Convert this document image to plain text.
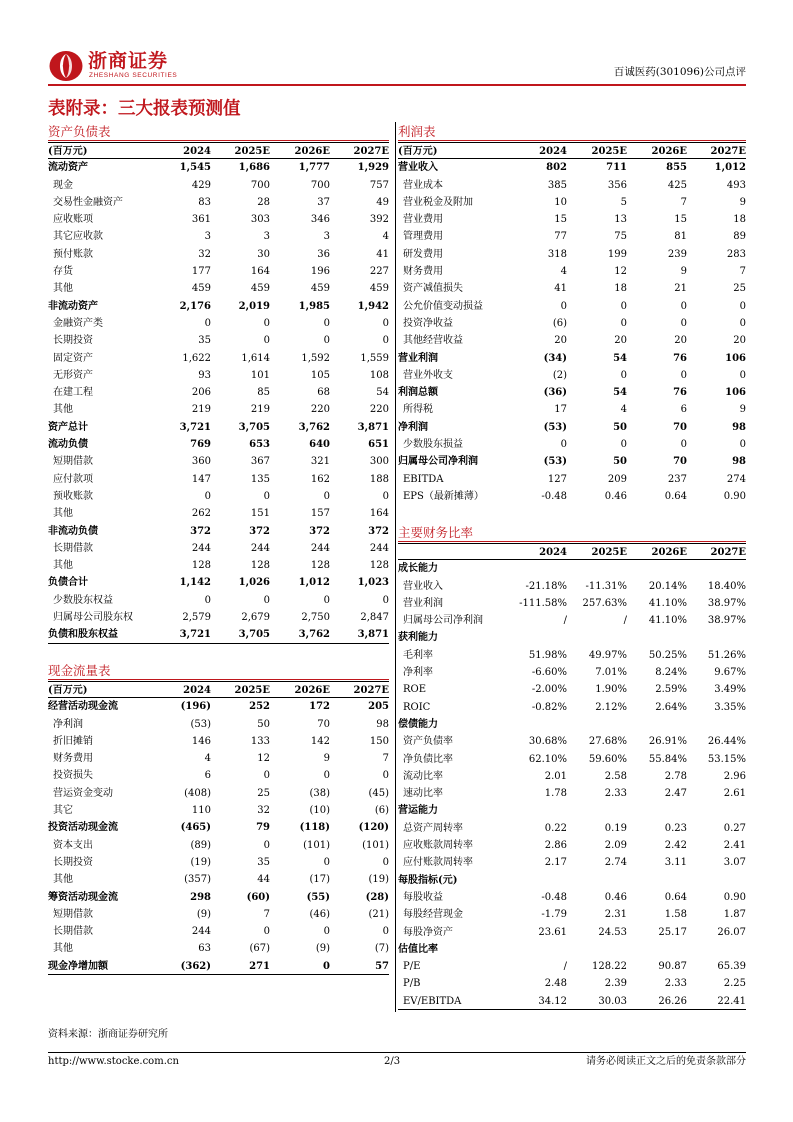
浙商证券
ZHESHANG SECURITIES	百诚医药(301096)公司点评
表附录：三大报表预测值
资产负债表
(百万元)	2024 2025E 2026E 2027E
流动资产	1,545	1,686	1,777	1,929
现金	429	700	700	757
交易性金融资产	83	28	37	49
应收账项	361	303	346	392
其它应收款	3	3	3	4
预付账款	32	30	36	41
存货	177	164	196	227
其他	459	459	459	459
非流动资产	2,176	2,019	1,985	1,942
金融资产类	0	0	0	0
长期投资	35	0	0	0
固定资产	1,622	1,614	1,592	1,559
无形资产	93	101	105	108
在建工程	206	85	68	54
其他	219	219	220	220
资产总计	3,721	3,705	3,762	3,871
流动负债	769	653	640	651
短期借款	360	367	321	300
应付款项	147	135	162	188
预收账款	0	0	0	0
其他	262	151	157	164
非流动负债	372	372	372	372
长期借款	244	244	244	244
其他	128	128	128	128
负债合计	1,142	1,026	1,012	1,023
少数股东权益	0	0	0	0
归属母公司股东权	2,579	2,679	2,750	2,847
负债和股东权益	3,721	3,705	3,762	3,871
现金流量表
(百万元)	2024 2025E 2026E 2027E
经营活动现金流	(196)	252	172	205
净利润	(53)	50	70	98
折旧摊销	146	133	142	150
财务费用	4	12	9	7
投资损失	6	0	0	0
营运资金变动	(408)	25	(38)	(45)
其它	110	32	(10)	(6)
投资活动现金流	(465)	79	(118)	(120)
资本支出	(89)	0	(101)	(101)
长期投资	(19)	35	0	0
其他	(357)	44	(17)	(19)
筹资活动现金流	298	(60)	(55)	(28)
短期借款	(9)	7	(46)	(21)
长期借款	244	0	0	0
其他	63	(67)	(9)	(7)
现金净增加额	(362)	271	0	57
利润表
(百万元)	2024 2025E 2026E 2027E
营业收入	802	711	855	1,012
营业成本	385	356	425	493
营业税金及附加	10	5	7	9
营业费用	15	13	15	18
管理费用	77	75	81	89
研发费用	318	199	239	283
财务费用	4	12	9	7
资产减值损失	41	18	21	25
公允价值变动损益	0	0	0	0
投资净收益	(6)	0	0	0
其他经营收益	20	20	20	20
营业利润	(34)	54	76	106
营业外收支	(2)	0	0	0
利润总额	(36)	54	76	106
所得税	17	4	6	9
净利润	(53)	50	70	98
少数股东损益	0	0	0	0
归属母公司净利润	(53)	50	70	98
EBITDA	127	209	237	274
EPS（最新摊薄）	-0.48	0.46	0.64	0.90
主要财务比率
2024 2025E 2026E 2027E
成长能力
营业收入	-21.18% -11.31% 20.14% 18.40%
营业利润	-111.58% 257.63% 41.10% 38.97%
归属母公司净利润	/	/ 41.10% 38.97%
获利能力
毛利率	51.98% 49.97% 50.25% 51.26%
净利率	-6.60%	7.01%	8.24%	9.67%
ROE	-2.00%	1.90%	2.59%	3.49%
ROIC	-0.82%	2.12%	2.64%	3.35%
偿债能力
资产负债率	30.68% 27.68% 26.91% 26.44%
净负债比率	62.10% 59.60% 55.84% 53.15%
流动比率	2.01	2.58	2.78	2.96
速动比率	1.78	2.33	2.47	2.61
营运能力
总资产周转率	0.22	0.19	0.23	0.27
应收账款周转率	2.86	2.09	2.42	2.41
应付账款周转率	2.17	2.74	3.11	3.07
每股指标(元)
每股收益	-0.48	0.46	0.64	0.90
每股经营现金	-1.79	2.31	1.58	1.87
每股净资产	23.61	24.53	25.17	26.07
估值比率
P/E	/	128.22	90.87	65.39
P/B	2.48	2.39	2.33	2.25
EV/EBITDA	34.12	30.03	26.26	22.41
资料来源：浙商证券研究所
http://www.stocke.com.cn	2/3	请务必阅读正文之后的免责条款部分
